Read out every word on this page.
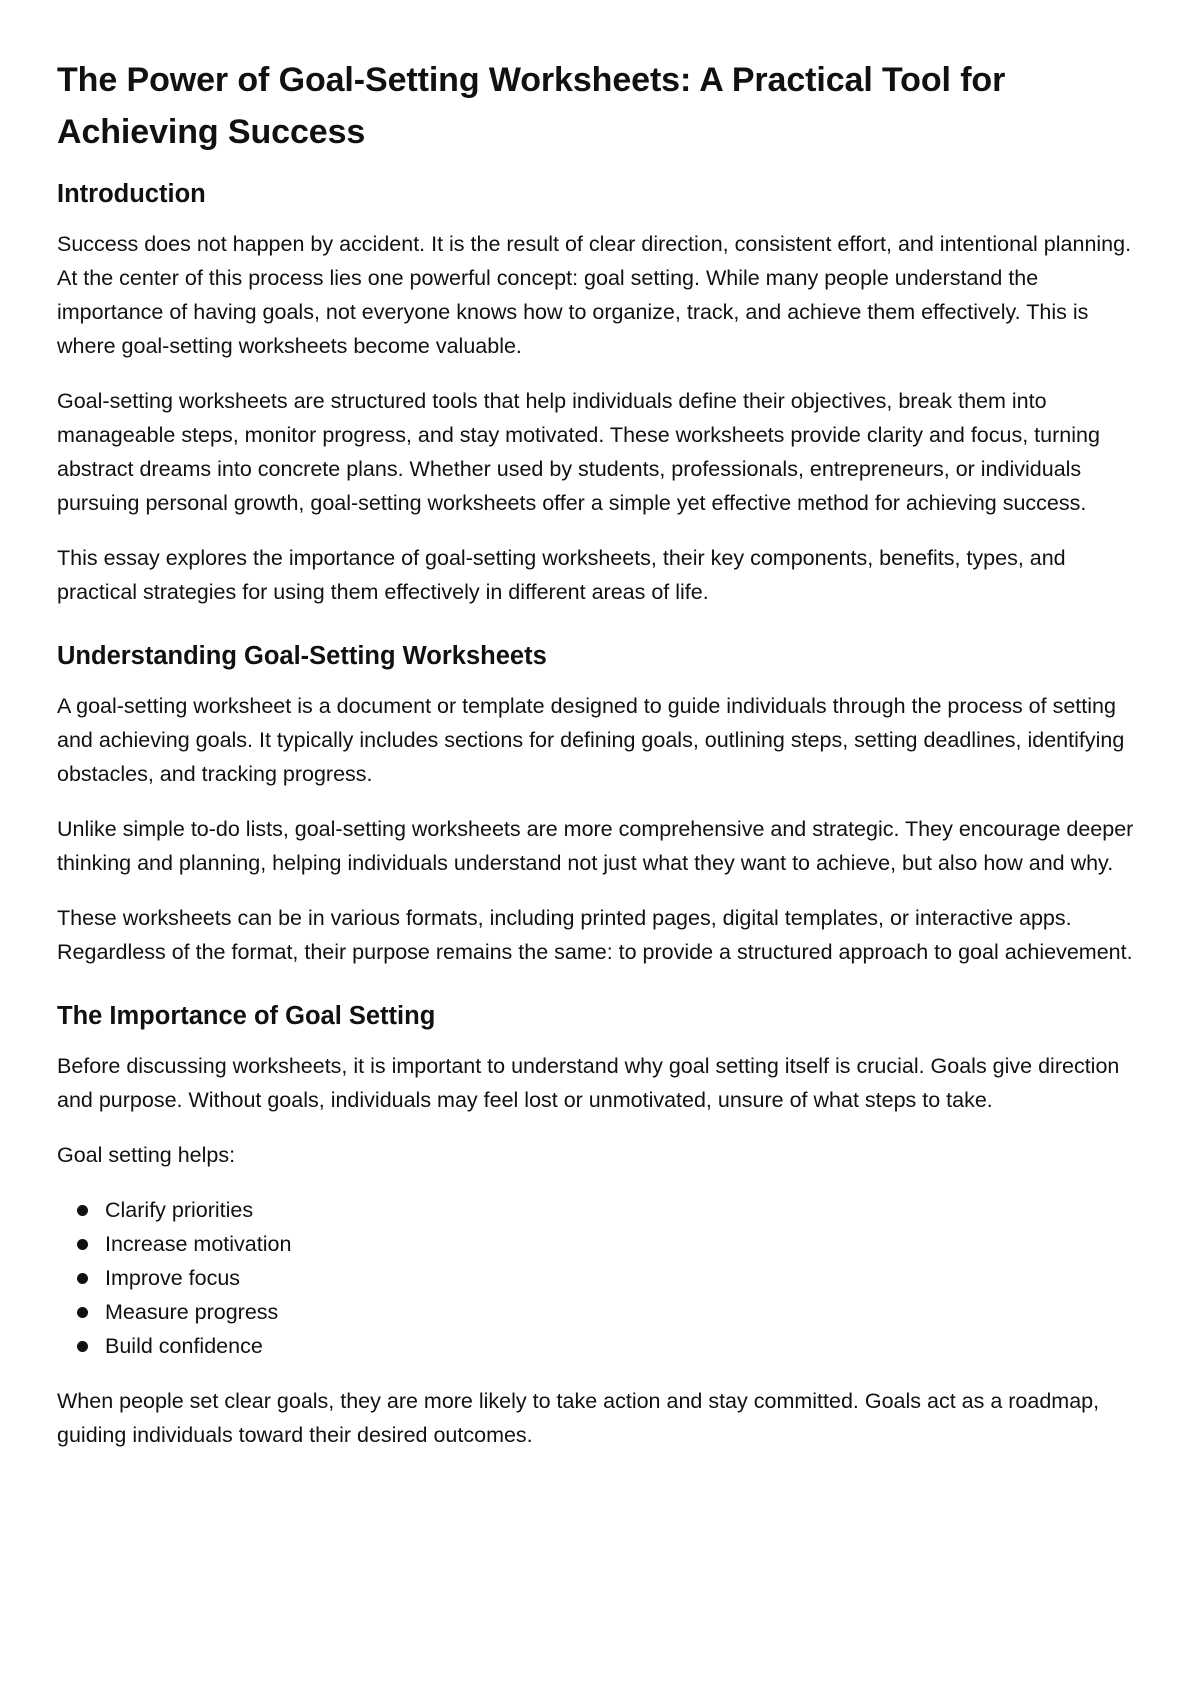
The Power of Goal-Setting Worksheets: A Practical Tool for Achieving Success
Introduction

Success does not happen by accident. It is the result of clear direction, consistent effort, and intentional planning. At the center of this process lies one powerful concept: goal setting. While many people understand the importance of having goals, not everyone knows how to organize, track, and achieve them effectively. This is where goal-setting worksheets become valuable.

Goal-setting worksheets are structured tools that help individuals define their objectives, break them into manageable steps, monitor progress, and stay motivated. These worksheets provide clarity and focus, turning abstract dreams into concrete plans. Whether used by students, professionals, entrepreneurs, or individuals pursuing personal growth, goal-setting worksheets offer a simple yet effective method for achieving success.

This essay explores the importance of goal-setting worksheets, their key components, benefits, types, and practical strategies for using them effectively in different areas of life.

Understanding Goal-Setting Worksheets

A goal-setting worksheet is a document or template designed to guide individuals through the process of setting and achieving goals. It typically includes sections for defining goals, outlining steps, setting deadlines, identifying obstacles, and tracking progress.

Unlike simple to-do lists, goal-setting worksheets are more comprehensive and strategic. They encourage deeper thinking and planning, helping individuals understand not just what they want to achieve, but also how and why.

These worksheets can be in various formats, including printed pages, digital templates, or interactive apps. Regardless of the format, their purpose remains the same: to provide a structured approach to goal achievement.

The Importance of Goal Setting

Before discussing worksheets, it is important to understand why goal setting itself is crucial. Goals give direction and purpose. Without goals, individuals may feel lost or unmotivated, unsure of what steps to take.

Goal setting helps:

Clarify priorities
Increase motivation
Improve focus
Measure progress
Build confidence

When people set clear goals, they are more likely to take action and stay committed. Goals act as a roadmap, guiding individuals toward their desired outcomes.
